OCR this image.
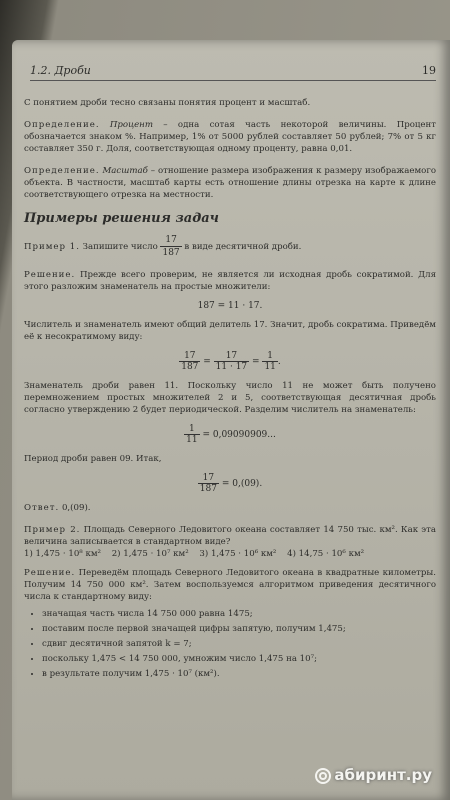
1.2. Дроби	19

С понятием дроби тесно связаны понятия процент и масштаб.

Определение. Процент – одна сотая часть некоторой величины. Процент обозначается знаком %. Например, 1% от 5000 рублей составляет 50 рублей; 7% от 5 кг составляет 350 г. Доля, соответствующая одному проценту, равна 0,01.

Определение. Масштаб – отношение размера изображения к размеру изображаемого объекта. В частности, масштаб карты есть отношение длины отрезка на карте к длине соответствующего отрезка на местности.

Примеры решения задач

Пример 1. Запишите число $\frac{17}{187}$ в виде десятичной дроби.

Решение. Прежде всего проверим, не является ли исходная дробь сократимой. Для этого разложим знаменатель на простые множители:

187 = 11 · 17.

Числитель и знаменатель имеют общий делитель 17. Значит, дробь сократима. Приведём её к несократимому виду:

$\frac{17}{187} = \frac{17}{11 \cdot 17} = \frac{1}{11}$ .

Знаменатель дроби равен 11. Поскольку число 11 не может быть получено перемножением простых множителей 2 и 5, соответствующая десятичная дробь согласно утверждению 2 будет периодической. Разделим числитель на знаменатель:

$\frac{1}{11} = 0,09090909$...

Период дроби равен 09. Итак,

$\frac{17}{187} = 0,(09)$.

Ответ. 0,(09).

Пример 2. Площадь Северного Ледовитого океана составляет 14 750 тыс. км². Как эта величина записывается в стандартном виде?

1) 1,475 · 10⁸ км² 2) 1,475 · 10⁷ км² 3) 1,475 · 10⁶ км² 4) 14,75 · 10⁶ км²

Решение. Переведём площадь Северного Ледовитого океана в квадратные километры. Получим 14 750 000 км². Затем воспользуемся алгоритмом приведения десятичного числа к стандартному виду:

• значащая часть числа 14 750 000 равна 1475;
• поставим после первой значащей цифры запятую, получим 1,475;
• сдвиг десятичной запятой k = 7;
• поскольку 1,475 < 14 750 000, умножим число 1,475 на 10⁷;
• в результате получим 1,475 · 10⁷ (км²).
абиринт.ру
